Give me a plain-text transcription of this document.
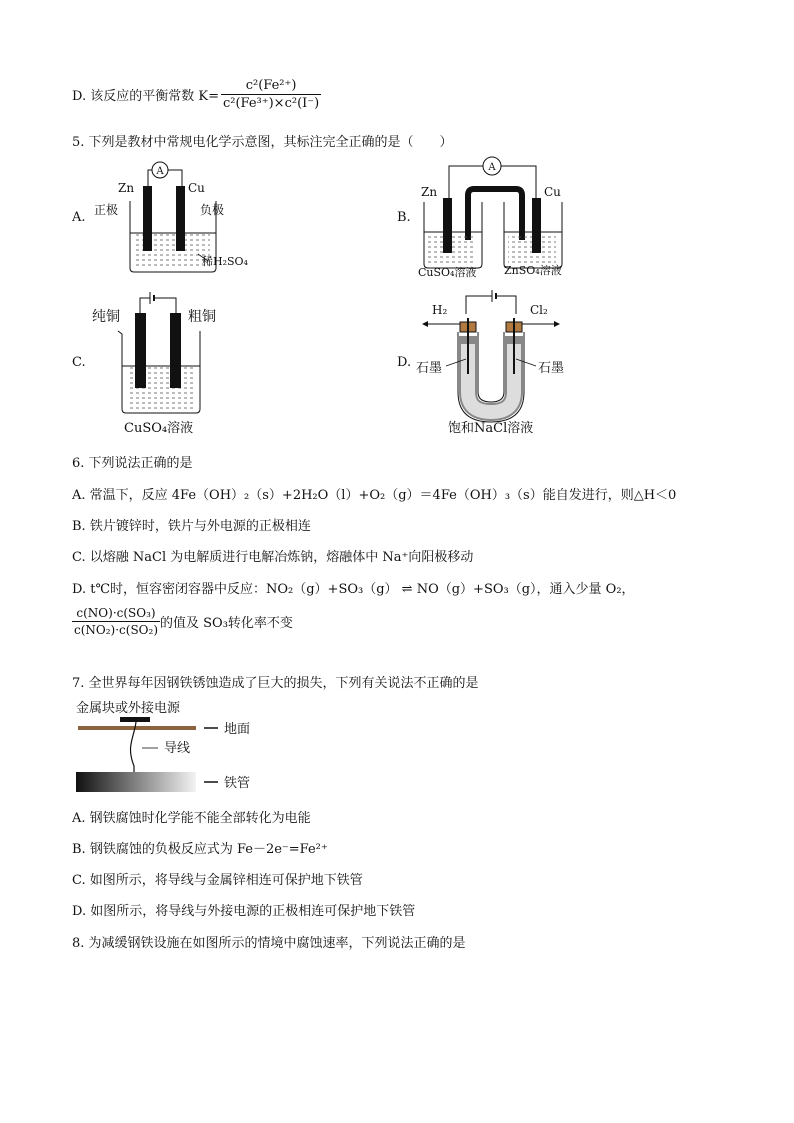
D. 该反应的平衡常数 $K= \frac{\text{c²(Fe²⁺)}}{\text{c²(Fe³⁺)×c²(I⁻)}}$
5. 下列是教材中常规电化学示意图，其标注完全正确的是（　　）
A.
A
Zn	Cu
正极	负极
稀H₂SO₄
B.
A
Zn	Cu
CuSO₄溶液	ZnSO₄溶液
C.
纯铜	粗铜
CuSO₄溶液
D.
H₂	Cl₂
石墨	石墨
饱和NaCl溶液
6. 下列说法正确的是
A. 常温下，反应 4Fe（OH）₂（s）+2H₂O（l）+O₂（g）＝4Fe（OH）₃（s）能自发进行，则△H＜0
B. 铁片镀锌时，铁片与外电源的正极相连
C. 以熔融 NaCl 为电解质进行电解冶炼钠，熔融体中 Na⁺向阳极移动
D. t℃时，恒容密闭容器中反应：NO₂（g）+SO₃（g） ⇌ NO（g）+SO₃（g），通入少量 O₂，
$\frac{\text{c(NO)·c(SO₃)}}{\text{c(NO₂)·c(SO₂)}}$ 的值及 SO₃转化率不变
7. 全世界每年因钢铁锈蚀造成了巨大的损失，下列有关说法不正确的是
金属块或外接电源
地面
导线
铁管
A. 钢铁腐蚀时化学能不能全部转化为电能
B. 钢铁腐蚀的负极反应式为 Fe－2e⁻=Fe²⁺
C. 如图所示，将导线与金属锌相连可保护地下铁管
D. 如图所示，将导线与外接电源的正极相连可保护地下铁管
8. 为减缓钢铁设施在如图所示的情境中腐蚀速率，下列说法正确的是
